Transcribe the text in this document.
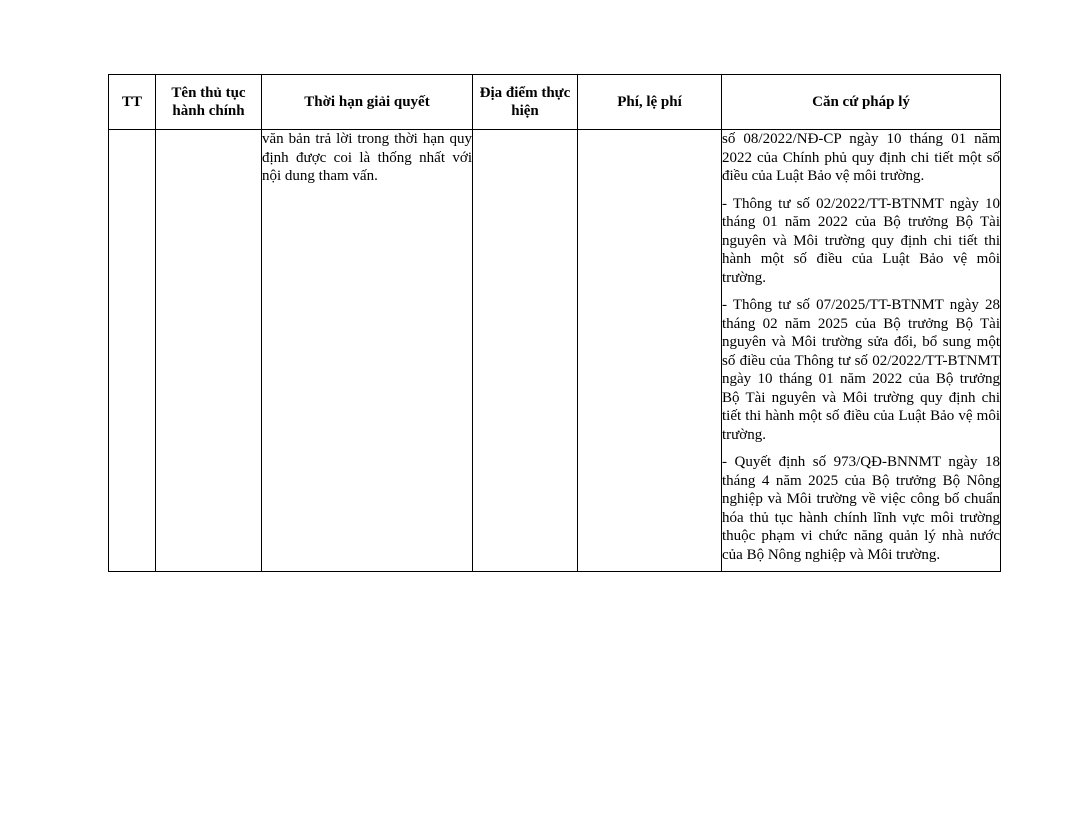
TT	Tên thủ tục hành chính	Thời hạn giải quyết	Địa điểm thực hiện	Phí, lệ phí	Căn cứ pháp lý
		văn bản trả lời trong thời hạn quy định được coi là thống nhất với nội dung tham vấn.			số 08/2022/NĐ-CP ngày 10 tháng 01 năm 2022 của Chính phủ quy định chi tiết một số điều của Luật Bảo vệ môi trường.
- Thông tư số 02/2022/TT-BTNMT ngày 10 tháng 01 năm 2022 của Bộ trưởng Bộ Tài nguyên và Môi trường quy định chi tiết thi hành một số điều của Luật Bảo vệ môi trường.
- Thông tư số 07/2025/TT-BTNMT ngày 28 tháng 02 năm 2025 của Bộ trưởng Bộ Tài nguyên và Môi trường sửa đổi, bổ sung một số điều của Thông tư số 02/2022/TT-BTNMT ngày 10 tháng 01 năm 2022 của Bộ trưởng Bộ Tài nguyên và Môi trường quy định chi tiết thi hành một số điều của Luật Bảo vệ môi trường.
- Quyết định số 973/QĐ-BNNMT ngày 18 tháng 4 năm 2025 của Bộ trưởng Bộ Nông nghiệp và Môi trường về việc công bố chuẩn hóa thủ tục hành chính lĩnh vực môi trường thuộc phạm vi chức năng quản lý nhà nước của Bộ Nông nghiệp và Môi trường.
